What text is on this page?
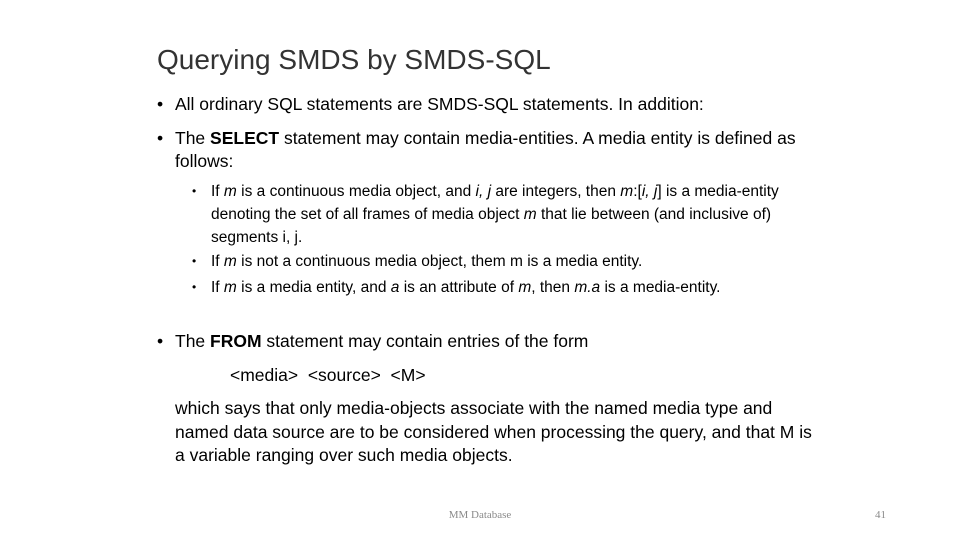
Querying SMDS by SMDS-SQL
• All ordinary SQL statements are SMDS-SQL statements. In addition:
• The SELECT statement may contain media-entities. A media entity is defined as follows:
• If m is a continuous media object, and i, j are integers, then m:[i, j] is a media-entity denoting the set of all frames of media object m that lie between (and inclusive of) segments i, j.
• If m is not a continuous media object, them m is a media entity.
• If m is a media entity, and a is an attribute of m, then m.a is a media-entity.
• The FROM statement may contain entries of the form
<media>  <source>  <M>
which says that only media-objects associate with the named media type and named data source are to be considered when processing the query, and that M is a variable ranging over such media objects.
MM Database	41
